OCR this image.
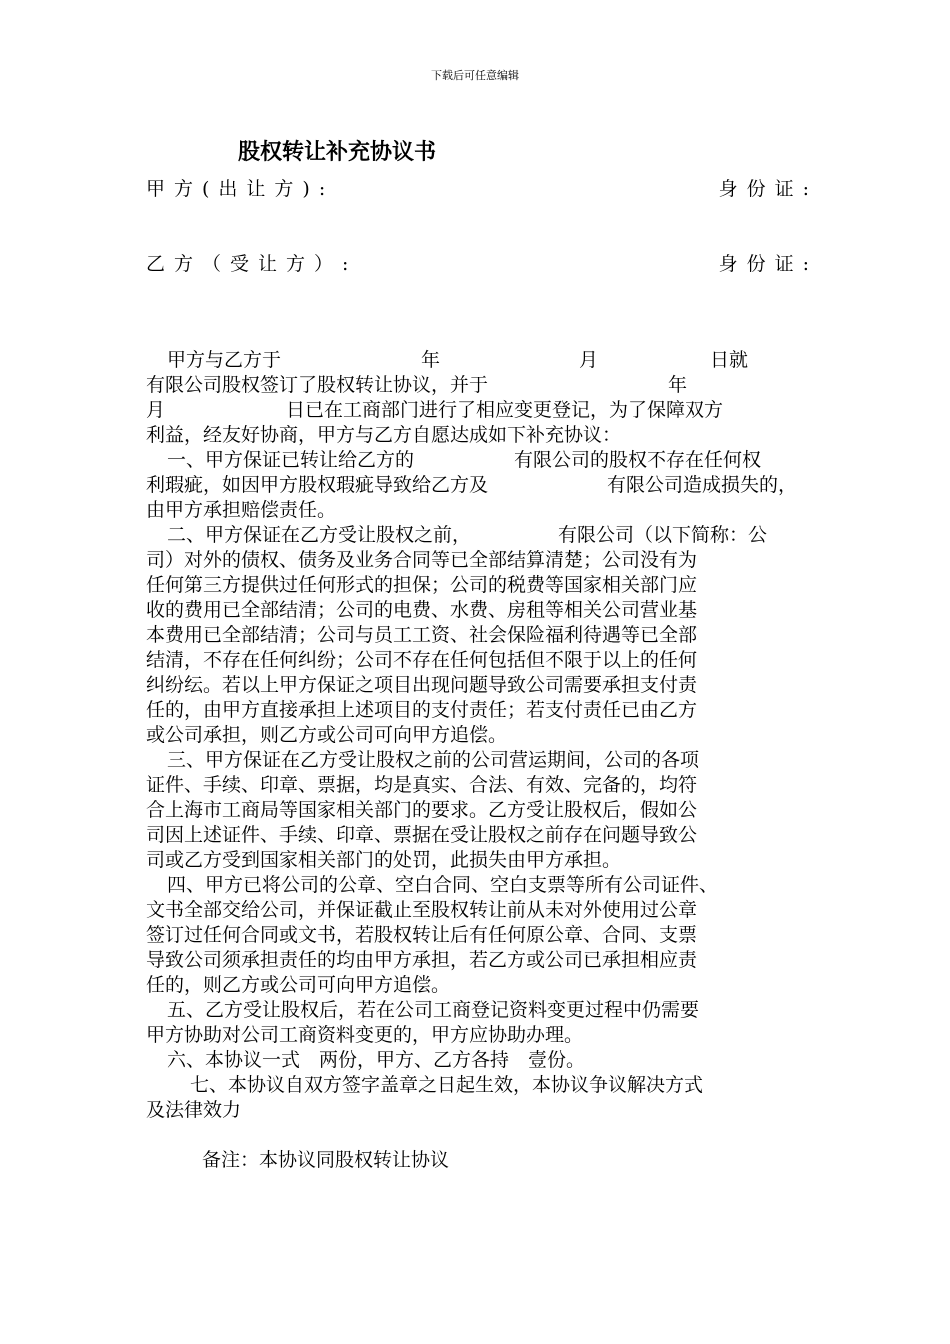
下载后可任意编辑
股权转让补充协议书
甲方(出让方):	身份证:
乙方（受让方）:	身份证:
甲方与乙方于	年	月	日就
有限公司股权签订了股权转让协议，并于	年
月	日已在工商部门进行了相应变更登记，为了保障双方
利益，经友好协商，甲方与乙方自愿达成如下补充协议：
一、甲方保证已转让给乙方的	有限公司的股权不存在任何权
利瑕疵，如因甲方股权瑕疵导致给乙方及	有限公司造成损失的，
由甲方承担赔偿责任。
二、甲方保证在乙方受让股权之前，	有限公司（以下简称：公
司）对外的债权、债务及业务合同等已全部结算清楚；公司没有为
任何第三方提供过任何形式的担保；公司的税费等国家相关部门应
收的费用已全部结清；公司的电费、水费、房租等相关公司营业基
本费用已全部结清；公司与员工工资、社会保险福利待遇等已全部
结清，不存在任何纠纷；公司不存在任何包括但不限于以上的任何
纠纷纭。若以上甲方保证之项目出现问题导致公司需要承担支付责
任的，由甲方直接承担上述项目的支付责任；若支付责任已由乙方
或公司承担，则乙方或公司可向甲方追偿。
三、甲方保证在乙方受让股权之前的公司营运期间，公司的各项
证件、手续、印章、票据，均是真实、合法、有效、完备的，均符
合上海市工商局等国家相关部门的要求。乙方受让股权后，假如公
司因上述证件、手续、印章、票据在受让股权之前存在问题导致公
司或乙方受到国家相关部门的处罚，此损失由甲方承担。
四、甲方已将公司的公章、空白合同、空白支票等所有公司证件、
文书全部交给公司，并保证截止至股权转让前从未对外使用过公章
签订过任何合同或文书，若股权转让后有任何原公章、合同、支票
导致公司须承担责任的均由甲方承担，若乙方或公司已承担相应责
任的，则乙方或公司可向甲方追偿。
五、乙方受让股权后，若在公司工商登记资料变更过程中仍需要
甲方协助对公司工商资料变更的，甲方应协助办理。
六、本协议一式　两份，甲方、乙方各持　壹份。
七、本协议自双方签字盖章之日起生效，本协议争议解决方式
及法律效力
备注：本协议同股权转让协议
